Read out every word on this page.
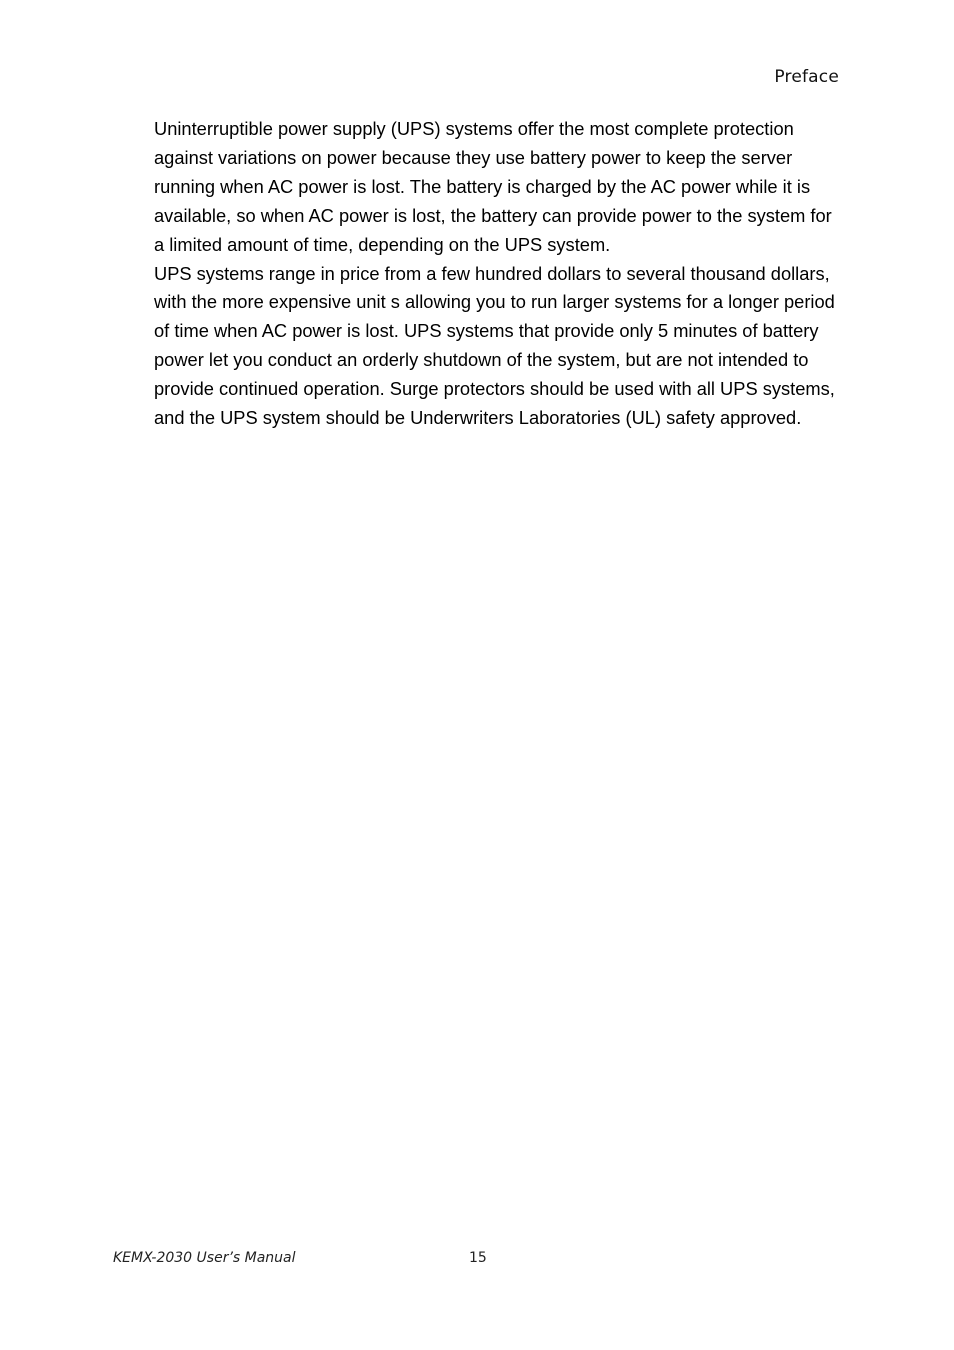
Preface

Uninterruptible power supply (UPS) systems offer the most complete protection against variations on power because they use battery power to keep the server running when AC power is lost. The battery is charged by the AC power while it is available, so when AC power is lost, the battery can provide power to the system for a limited amount of time, depending on the UPS system.

UPS systems range in price from a few hundred dollars to several thousand dollars, with the more expensive unit s allowing you to run larger systems for a longer period of time when AC power is lost. UPS systems that provide only 5 minutes of battery power let you conduct an orderly shutdown of the system, but are not intended to provide continued operation. Surge protectors should be used with all UPS systems, and the UPS system should be Underwriters Laboratories (UL) safety approved.

KEMX-2030 User’s Manual	15
